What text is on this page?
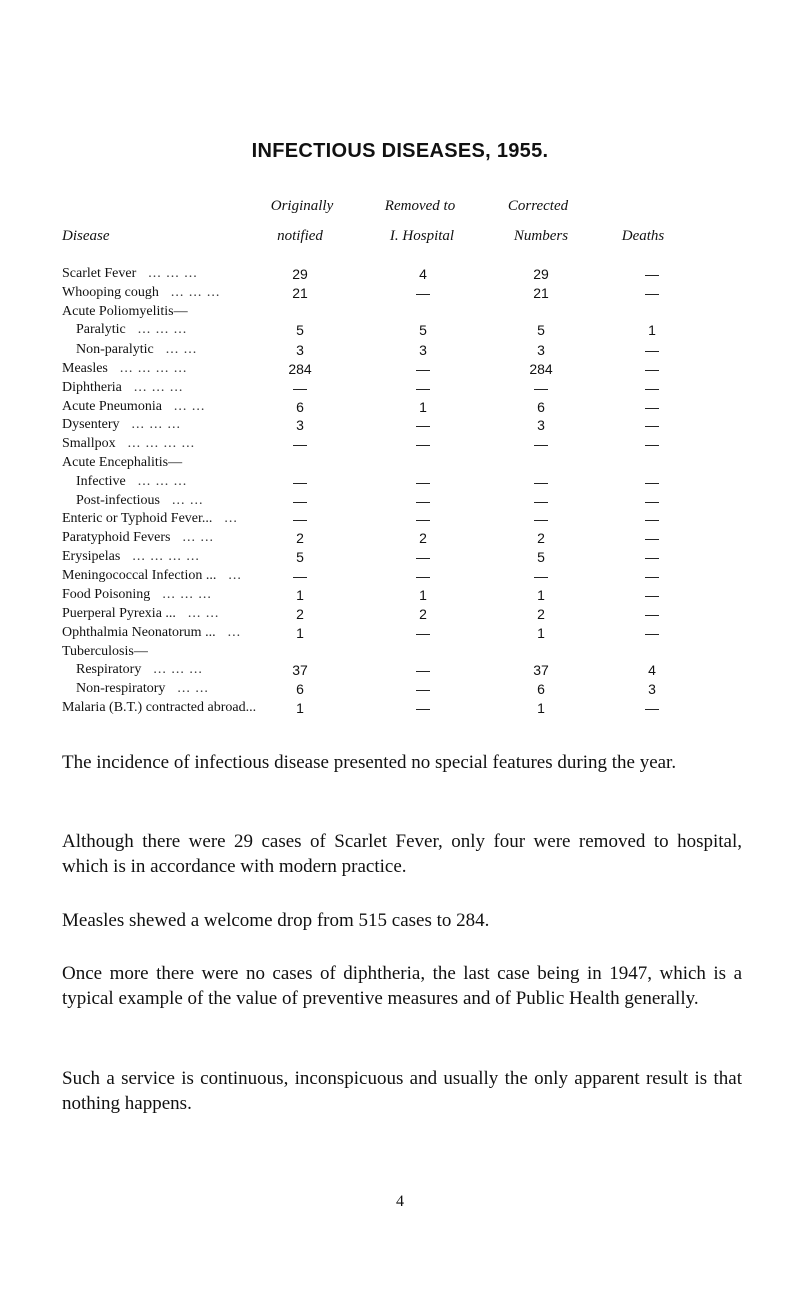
INFECTIOUS DISEASES, 1955.
Disease
Originally
notified
Removed to
I. Hospital
Corrected
Numbers	Deaths
Scarlet Fever ... ... ...	29	4	29	—
Whooping cough ... ... ...	21	—	21	—
Acute Poliomyelitis—
Paralytic ... ... ...	5	5	5	1
Non-paralytic ... ...	3	3	3	—
Measles ... ... ... ...	284	—	284	—
Diphtheria ... ... ...	—	—	—	—
Acute Pneumonia ... ...	6	1	6	—
Dysentery ... ... ...	3	—	3	—
Smallpox ... ... ... ...	—	—	—	—
Acute Encephalitis—
Infective ... ... ...	—	—	—	—
Post-infectious ... ...	—	—	—	—
Enteric or Typhoid Fever... ...	—	—	—	—
Paratyphoid Fevers ... ...	2	2	2	—
Erysipelas ... ... ... ...	5	—	5	—
Meningococcal Infection ... ...	—	—	—	—
Food Poisoning ... ... ...	1	1	1	—
Puerperal Pyrexia ... ... ...	2	2	2	—
Ophthalmia Neonatorum ... ...	1	—	1	—
Tuberculosis—
Respiratory ... ... ...	37	—	37	4
Non-respiratory ... ...	6	—	6	3
Malaria (B.T.) contracted abroad...	1	—	1	—
The incidence of infectious disease presented no special features during the year.
Although there were 29 cases of Scarlet Fever, only four were removed to hospital, which is in accordance with modern practice.
Measles shewed a welcome drop from 515 cases to 284.
Once more there were no cases of diphtheria, the last case being in 1947, which is a typical example of the value of preventive measures and of Public Health generally.
Such a service is continuous, inconspicuous and usually the only apparent result is that nothing happens.
4
